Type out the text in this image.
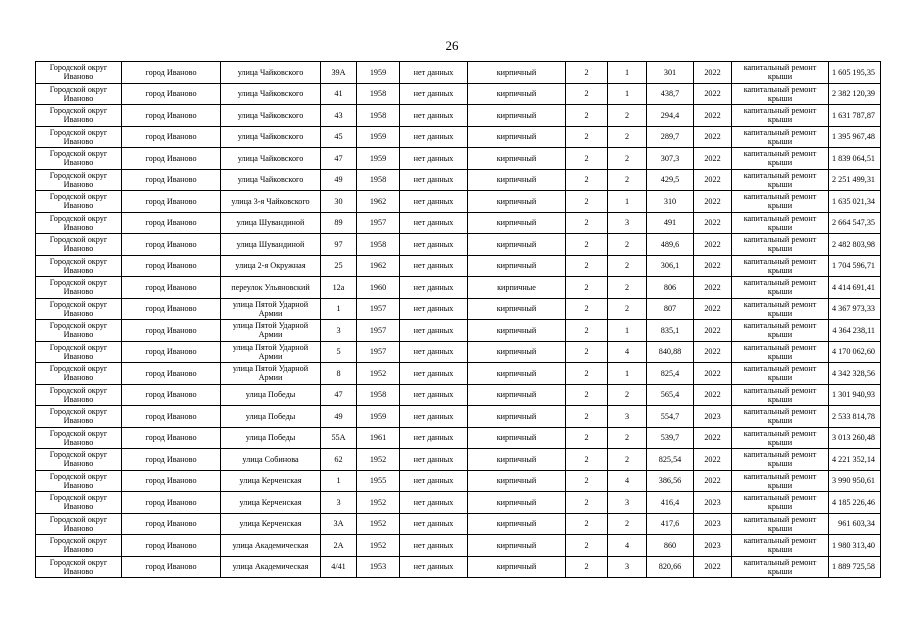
26
Городской округ Иваново	город Иваново	улица Чайковского	39А	1959	нет данных	кирпичный	2	1	301	2022	капитальный ремонт крыши	1 605 195,35
Городской округ Иваново	город Иваново	улица Чайковского	41	1958	нет данных	кирпичный	2	1	438,7	2022	капитальный ремонт крыши	2 382 120,39
Городской округ Иваново	город Иваново	улица Чайковского	43	1958	нет данных	кирпичный	2	2	294,4	2022	капитальный ремонт крыши	1 631 787,87
Городской округ Иваново	город Иваново	улица Чайковского	45	1959	нет данных	кирпичный	2	2	289,7	2022	капитальный ремонт крыши	1 395 967,48
Городской округ Иваново	город Иваново	улица Чайковского	47	1959	нет данных	кирпичный	2	2	307,3	2022	капитальный ремонт крыши	1 839 064,51
Городской округ Иваново	город Иваново	улица Чайковского	49	1958	нет данных	кирпичный	2	2	429,5	2022	капитальный ремонт крыши	2 251 499,31
Городской округ Иваново	город Иваново	улица 3-я Чайковского	30	1962	нет данных	кирпичный	2	1	310	2022	капитальный ремонт крыши	1 635 021,34
Городской округ Иваново	город Иваново	улица Шувандиной	89	1957	нет данных	кирпичный	2	3	491	2022	капитальный ремонт крыши	2 664 547,35
Городской округ Иваново	город Иваново	улица Шувандиной	97	1958	нет данных	кирпичный	2	2	489,6	2022	капитальный ремонт крыши	2 482 803,98
Городской округ Иваново	город Иваново	улица 2-я Окружная	25	1962	нет данных	кирпичный	2	2	306,1	2022	капитальный ремонт крыши	1 704 596,71
Городской округ Иваново	город Иваново	переулок Ульяновский	12а	1960	нет данных	кирпичные	2	2	806	2022	капитальный ремонт крыши	4 414 691,41
Городской округ Иваново	город Иваново	улица Пятой Ударной Армии	1	1957	нет данных	кирпичный	2	2	807	2022	капитальный ремонт крыши	4 367 973,33
Городской округ Иваново	город Иваново	улица Пятой Ударной Армии	3	1957	нет данных	кирпичный	2	1	835,1	2022	капитальный ремонт крыши	4 364 238,11
Городской округ Иваново	город Иваново	улица Пятой Ударной Армии	5	1957	нет данных	кирпичный	2	4	840,88	2022	капитальный ремонт крыши	4 170 062,60
Городской округ Иваново	город Иваново	улица Пятой Ударной Армии	8	1952	нет данных	кирпичный	2	1	825,4	2022	капитальный ремонт крыши	4 342 328,56
Городской округ Иваново	город Иваново	улица Победы	47	1958	нет данных	кирпичный	2	2	565,4	2022	капитальный ремонт крыши	1 301 940,93
Городской округ Иваново	город Иваново	улица Победы	49	1959	нет данных	кирпичный	2	3	554,7	2023	капитальный ремонт крыши	2 533 814,78
Городской округ Иваново	город Иваново	улица Победы	55А	1961	нет данных	кирпичный	2	2	539,7	2022	капитальный ремонт крыши	3 013 260,48
Городской округ Иваново	город Иваново	улица Собинова	62	1952	нет данных	кирпичный	2	2	825,54	2022	капитальный ремонт крыши	4 221 352,14
Городской округ Иваново	город Иваново	улица Керченская	1	1955	нет данных	кирпичный	2	4	386,56	2022	капитальный ремонт крыши	3 990 950,61
Городской округ Иваново	город Иваново	улица Керченская	3	1952	нет данных	кирпичный	2	3	416,4	2023	капитальный ремонт крыши	4 185 226,46
Городской округ Иваново	город Иваново	улица Керченская	3А	1952	нет данных	кирпичный	2	2	417,6	2023	капитальный ремонт крыши	961 603,34
Городской округ Иваново	город Иваново	улица Академическая	2А	1952	нет данных	кирпичный	2	4	860	2023	капитальный ремонт крыши	1 980 313,40
Городской округ Иваново	город Иваново	улица Академическая	4/41	1953	нет данных	кирпичный	2	3	820,66	2022	капитальный ремонт крыши	1 889 725,58
